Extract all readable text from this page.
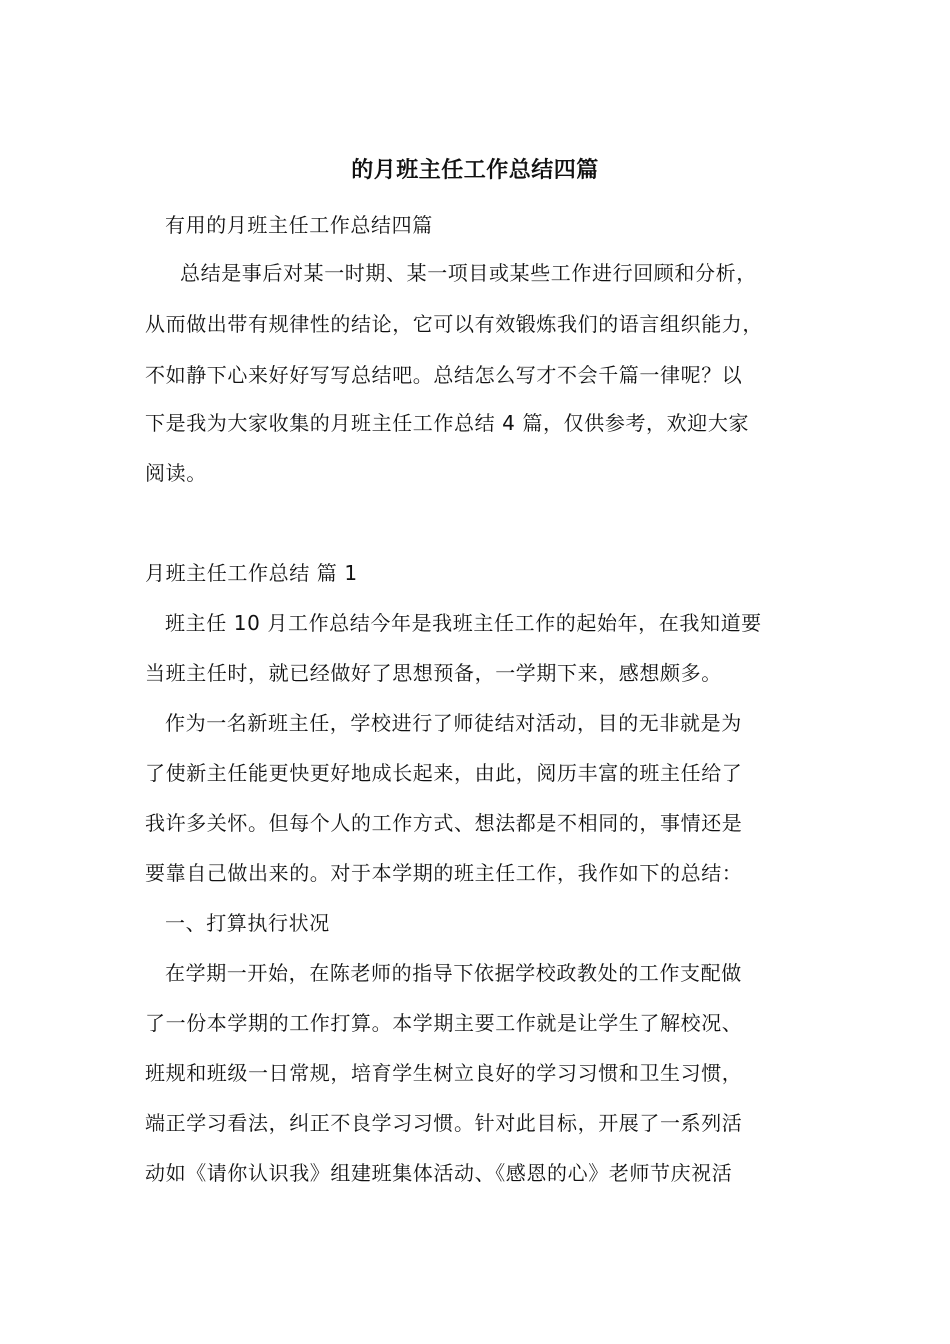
的月班主任工作总结四篇
有用的月班主任工作总结四篇
总结是事后对某一时期、某一项目或某些工作进行回顾和分析，
从而做出带有规律性的结论，它可以有效锻炼我们的语言组织能力，
不如静下心来好好写写总结吧。总结怎么写才不会千篇一律呢？以
下是我为大家收集的月班主任工作总结 4 篇，仅供参考，欢迎大家
阅读。
月班主任工作总结 篇 1
班主任 10 月工作总结今年是我班主任工作的起始年，在我知道要
当班主任时，就已经做好了思想预备，一学期下来，感想颇多。
作为一名新班主任，学校进行了师徒结对活动，目的无非就是为
了使新主任能更快更好地成长起来，由此，阅历丰富的班主任给了
我许多关怀。但每个人的工作方式、想法都是不相同的，事情还是
要靠自己做出来的。对于本学期的班主任工作，我作如下的总结：
一、打算执行状况
在学期一开始，在陈老师的指导下依据学校政教处的工作支配做
了一份本学期的工作打算。本学期主要工作就是让学生了解校况、
班规和班级一日常规，培育学生树立良好的学习习惯和卫生习惯，
端正学习看法，纠正不良学习习惯。针对此目标，开展了一系列活
动如《请你认识我》组建班集体活动、《感恩的心》老师节庆祝活
